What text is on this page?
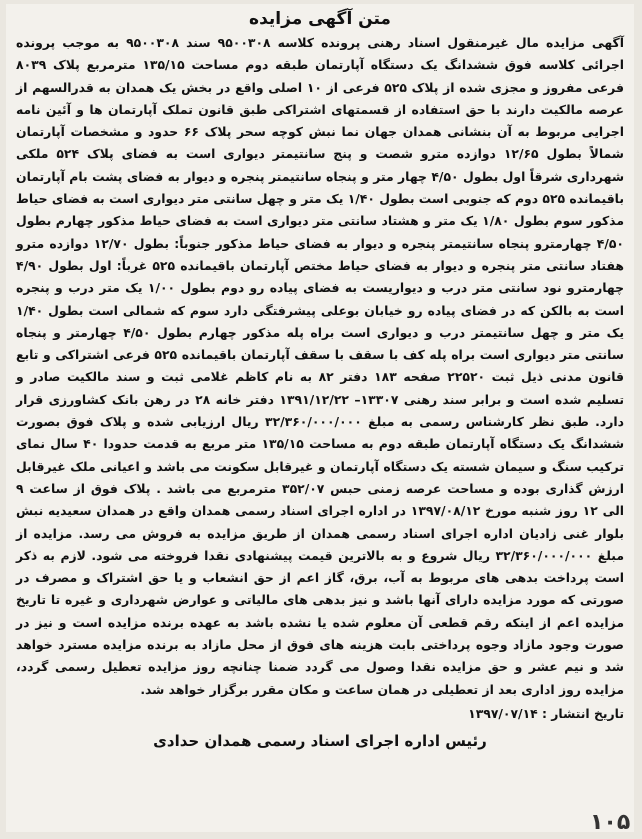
متن آگهی مزایده

آگهی مزایده مال غیرمنقول اسناد رهنی پرونده کلاسه ۹۵۰۰۳۰۸ سند ۹۵۰۰۳۰۸ به موجب پرونده اجرائی کلاسه فوق ششدانگ یک دستگاه آپارتمان طبقه دوم مساحت ۱۳۵/۱۵ مترمربع پلاک ۸۰۳۹ فرعی مفروز و مجزی شده از پلاک ۵۲۵ فرعی از ۱۰ اصلی واقع در بخش یک همدان به قدرالسهم از عرصه مالکیت دارند با حق استفاده از قسمتهای اشتراکی طبق قانون تملک آپارتمان ها و آئین نامه اجرایی مربوط به آن بنشانی همدان جهان نما نبش کوچه سحر پلاک ۶۶ حدود و مشخصات آپارتمان شمالاً بطول ۱۲/۶۵ دوازده مترو شصت و پنج سانتیمتر دیواری است به فضای پلاک ۵۲۴ ملکی شهرداری شرقاً اول بطول ۴/۵۰ چهار متر و پنجاه سانتیمتر پنجره و دیوار به فضای پشت بام آپارتمان باقیمانده ۵۲۵ دوم که جنوبی است بطول ۱/۴۰ یک متر و چهل سانتی متر دیواری است به فضای حیاط مذکور سوم بطول ۱/۸۰ یک متر و هشتاد سانتی متر دیواری است به فضای حیاط مذکور چهارم بطول ۴/۵۰ چهارمترو پنجاه سانتیمتر پنجره و دیوار به فضای حیاط مذکور جنوباً: بطول ۱۲/۷۰ دوازده مترو هفتاد سانتی متر پنجره و دیوار به فضای حیاط مختص آپارتمان باقیمانده ۵۲۵ غرباً: اول بطول ۴/۹۰ چهارمترو نود سانتی متر درب و دیواریست به فضای پیاده رو دوم بطول ۱/۰۰ یک متر درب و پنجره است به بالکن که در فضای پیاده رو خیابان بوعلی پیشرفتگی دارد سوم که شمالی است بطول ۱/۴۰ یک متر و چهل سانتیمتر درب و دیواری است براه پله مذکور چهارم بطول ۴/۵۰ چهارمتر و پنجاه سانتی متر دیواری است براه پله کف با سقف با سقف آپارتمان باقیمانده ۵۲۵ فرعی اشتراکی و تابع قانون مدنی ذیل ثبت ۲۲۵۲۰ صفحه ۱۸۳ دفتر ۸۲ به نام کاظم غلامی ثبت و سند مالکیت صادر و تسلیم شده است و برابر سند رهنی ۱۳۳۰۷– ۱۳۹۱/۱۲/۲۲ دفتر خانه ۲۸ در رهن بانک کشاورزی قرار دارد. طبق نظر کارشناس رسمی به مبلغ ۳۲/۳۶۰/۰۰۰/۰۰۰ ریال ارزیابی شده و پلاک فوق بصورت ششدانگ یک دستگاه آپارتمان طبقه دوم به مساحت ۱۳۵/۱۵ متر مربع به قدمت حدودا ۴۰ سال نمای ترکیب سنگ و سیمان شسته یک دستگاه آپارتمان و غیرقابل سکونت می باشد و اعیانی ملک غیرقابل ارزش گذاری بوده و مساحت عرصه زمنی حبس ۳۵۲/۰۷ مترمربع می باشد . پلاک فوق از ساعت ۹ الی ۱۲ روز شنبه مورخ ۱۳۹۷/۰۸/۱۲ در اداره اجرای اسناد رسمی همدان واقع در همدان سعیدیه نبش بلوار غنی زادیان اداره اجرای اسناد رسمی همدان از طریق مزایده به فروش می رسد. مزایده از مبلغ ۳۲/۳۶۰/۰۰۰/۰۰۰ ریال شروع و به بالاترین قیمت پیشنهادی نقدا فروخته می شود. لازم به ذکر است پرداخت بدهی های مربوط به آب، برق، گاز اعم از حق انشعاب و یا حق اشتراک و مصرف در صورتی که مورد مزایده دارای آنها باشد و نیز بدهی های مالیاتی و عوارض شهرداری و غیره تا تاریخ مزایده اعم از اینکه رقم قطعی آن معلوم شده یا نشده باشد به عهده برنده مزایده است و نیز در صورت وجود مازاد وجوه پرداختی بابت هزینه های فوق از محل مازاد به برنده مزایده مسترد خواهد شد و نیم عشر و حق مزایده نقدا وصول می گردد ضمنا چنانچه روز مزایده تعطیل رسمی گردد، مزایده روز اداری بعد از تعطیلی در همان ساعت و مکان مقرر برگزار خواهد شد.

تاریخ انتشار : ۱۳۹۷/۰۷/۱۴
رئیس اداره اجرای اسناد رسمی همدان حدادی
۱۰۵
